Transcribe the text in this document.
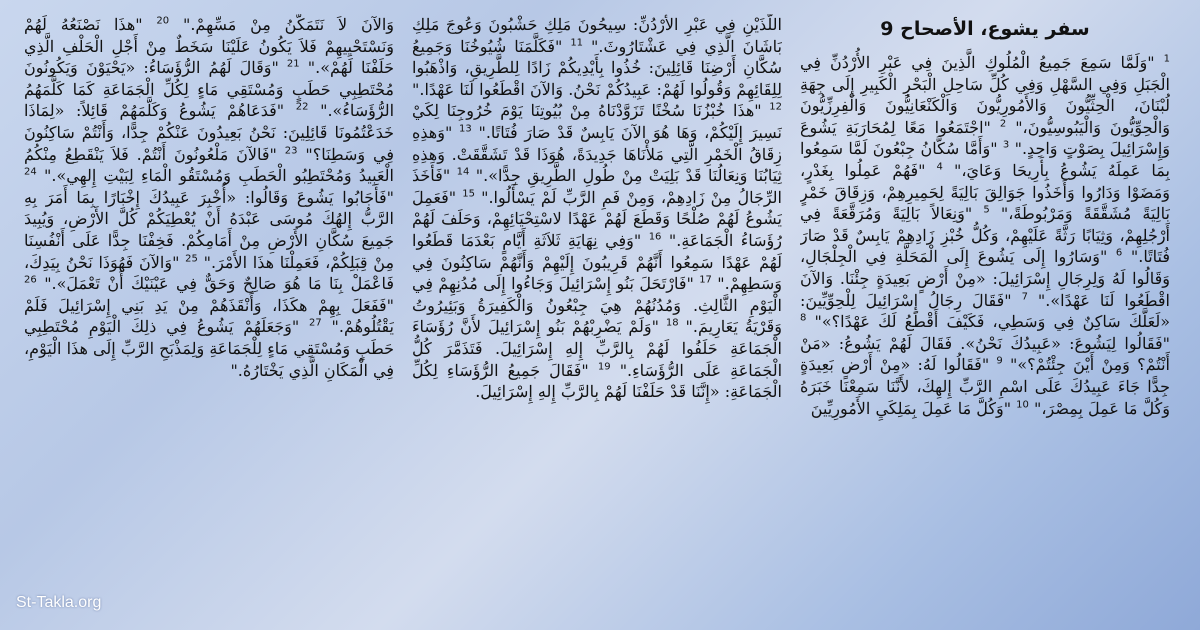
سفر يشوع، الأصحاح 9
$^1$ "وَلَمَّا سَمِعَ جَمِيعُ الْمُلُوكِ الَّذِينَ فِي عَبْرِ الأُرْدُنِّ فِي الْجَبَلِ وَفِي السَّهْلِ وَفِي كُلِّ سَاحِلِ الْبَحْرِ الْكَبِيرِ إِلَى جِهَةِ لُبْنَانَ، الْحِثِّيُّونَ وَالأَمُورِيُّونَ وَالْكَنْعَانِيُّونَ وَالْفِرِزِّيُّونَ وَالْحِوِّيُّونَ وَالْيَبُوسِيُّونَ،" $^2$ "اجْتَمَعُوا مَعًا لِمُحَارَبَةِ يَشُوعَ وَإِسْرَائِيلَ بِصَوْتٍ وَاحِدٍ." $^3$ "وَأَمَّا سُكَّانُ جِبْعُونَ لَمَّا سَمِعُوا بِمَا عَمِلَهُ يَشُوعُ بِأَرِيحَا وَعَايَ،" $^4$ "فَهُمْ عَمِلُوا بِغَدْرٍ، وَمَضَوْا وَدَارُوا وَأَخَذُوا جَوَالِقَ بَالِيَةً لِحَمِيرِهِمْ، وَزِقَاقَ خَمْرٍ بَالِيَةً مُشَقَّقَةً وَمَرْبُوطَةً،" $^5$ "وَنِعَالاً بَالِيَةً وَمُرَقَّعَةً فِي أَرْجُلِهِمْ، وَثِيَابًا رَثَّةً عَلَيْهِمْ، وَكُلُّ خُبْزِ زَادِهِمْ يَابِسٌ قَدْ صَارَ فُتَاتًا." $^6$ "وَسَارُوا إِلَى يَشُوعَ إِلَى الْمَحَلَّةِ فِي الْجِلْجَالِ، وَقَالُوا لَهُ وَلِرِجَالِ إِسْرَائِيلَ: «مِنْ أَرْضٍ بَعِيدَةٍ جِئْنَا. وَالآنَ اقْطَعُوا لَنَا عَهْدًا»." $^7$ "فَقَالَ رِجَالُ إِسْرَائِيلَ لِلْحِوِّيِّينَ: «لَعَلَّكَ سَاكِنٌ فِي وَسَطِي، فَكَيْفَ أَقْطَعُ لَكَ عَهْدًا؟»" $^8$ "فَقَالُوا لِيَشُوعَ: «عَبِيدُكَ نَحْنُ». فَقَالَ لَهُمْ يَشُوعُ: «مَنْ أَنْتُمْ؟ وَمِنْ أَيْنَ جِئْتُمْ؟»" $^9$ "فَقَالُوا لَهُ: «مِنْ أَرْضٍ بَعِيدَةٍ جِدًّا جَاءَ عَبِيدُكَ عَلَى اسْمِ الرَّبِّ إِلهِكَ، لأَنَّنَا سَمِعْنَا خَبَرَهُ وَكُلَّ مَا عَمِلَ بِمِصْرَ،" $^{10}$ "وَكُلَّ مَا عَمِلَ بِمَلِكَيِ الأَمُورِيِّينَ
اللَّذَيْنِ فِي عَبْرِ الأُرْدُنِّ: سِيحُونَ مَلِكِ حَشْبُونَ وَعُوجَ مَلِكِ بَاشَانَ الَّذِي فِي عَشْتَارُوثَ." $^{11}$ "فَكَلَّمَنَا شُيُوخُنَا وَجَمِيعُ سُكَّانِ أَرْضِنَا قَائِلِينَ: خُذُوا بِأَيْدِيكُمْ زَادًا لِلطَّرِيقِ، وَاذْهَبُوا لِلِقَائِهِمْ وَقُولُوا لَهُمْ: عَبِيدُكُمْ نَحْنُ. وَالآنَ اقْطَعُوا لَنَا عَهْدًا." $^{12}$ "هذَا خُبْزُنَا سُخْنًا تَزَوَّدْنَاهُ مِنْ بُيُوتِنَا يَوْمَ خُرُوجِنَا لِكَيْ نَسِيرَ إِلَيْكُمْ، وَهَا هُوَ الآنَ يَابِسٌ قَدْ صَارَ فُتَاتًا." $^{13}$ "وَهذِهِ زِقَاقُ الْخَمْرِ الَّتِي مَلأْنَاهَا جَدِيدَةً، هُوَذَا قَدْ تَشَقَّقَتْ. وَهذِهِ ثِيَابُنَا وَنِعَالُنَا قَدْ بَلِيَتْ مِنْ طُولِ الطَّرِيقِ جِدًّا»." $^{14}$ "فَأَخَذَ الرِّجَالُ مِنْ زَادِهِمْ، وَمِنْ فَمِ الرَّبِّ لَمْ يَسْأَلُوا." $^{15}$ "فَعَمِلَ يَشُوعُ لَهُمْ صُلْحًا وَقَطَعَ لَهُمْ عَهْدًا لاسْتِحْيَائِهِمْ، وَحَلَفَ لَهُمْ رُؤَسَاءُ الْجَمَاعَةِ." $^{16}$ "وَفِي نِهَايَةِ ثَلاَثَةِ أَيَّامٍ بَعْدَمَا قَطَعُوا لَهُمْ عَهْدًا سَمِعُوا أَنَّهُمْ قَرِيبُونَ إِلَيْهِمْ وَأَنَّهُمْ سَاكِنُونَ فِي وَسَطِهِمْ." $^{17}$ "فَارْتَحَلَ بَنُو إِسْرَائِيلَ وَجَاءُوا إِلَى مُدُنِهِمْ فِي الْيَوْمِ الثَّالِثِ. وَمُدُنُهُمْ هِيَ جِبْعُونُ وَالْكَفِيرَةُ وَبَئِيرُوتُ وَقَرْيَةُ يَعَارِيمَ." $^{18}$ "وَلَمْ يَضْرِبْهُمْ بَنُو إِسْرَائِيلَ لأَنَّ رُؤَسَاءَ الْجَمَاعَةِ حَلَفُوا لَهُمْ بِالرَّبِّ إِلهِ إِسْرَائِيلَ. فَتَذَمَّرَ كُلُّ الْجَمَاعَةِ عَلَى الرُّؤَسَاءِ." $^{19}$ "فَقَالَ جَمِيعُ الرُّؤَسَاءِ لِكُلِّ الْجَمَاعَةِ: «إِنَّنَا قَدْ حَلَفْنَا لَهُمْ بِالرَّبِّ إِلهِ إِسْرَائِيلَ.
وَالآنَ لاَ نَتَمَكَّنُ مِنْ مَسِّهِمْ." $^{20}$ "هذَا نَصْنَعُهُ لَهُمْ وَنَسْتَحْيِيهِمْ فَلاَ يَكُونُ عَلَيْنَا سَخَطٌ مِنْ أَجْلِ الْحَلْفِ الَّذِي حَلَفْنَا لَهُمْ»." $^{21}$ "وَقَالَ لَهُمُ الرُّؤَسَاءُ: «يَحْيَوْنَ وَيَكُونُونَ مُحْتَطِبِي حَطَبٍ وَمُسْتَقِي مَاءٍ لِكُلِّ الْجَمَاعَةِ كَمَا كَلَّمَهُمُ الرُّؤَسَاءُ»." $^{22}$ "فَدَعَاهُمْ يَشُوعُ وَكَلَّمَهُمْ قَائِلاً: «لِمَاذَا خَدَعْتُمُونَا قَائِلِينَ: نَحْنُ بَعِيدُونَ عَنْكُمْ جِدًّا، وَأَنْتُمْ سَاكِنُونَ فِي وَسَطِنَا؟" $^{23}$ "فَالآنَ مَلْعُونُونَ أَنْتُمْ. فَلاَ يَنْقَطِعُ مِنْكُمُ الْعَبِيدُ وَمُحْتَطِبُو الْحَطَبِ وَمُسْتَقُو الْمَاءِ لِبَيْتِ إِلهِي»." $^{24}$ "فَأَجَابُوا يَشُوعَ وَقَالُوا: «أُخْبِرَ عَبِيدُكَ إِخْبَارًا بِمَا أَمَرَ بِهِ الرَّبُّ إِلهُكَ مُوسَى عَبْدَهُ أَنْ يُعْطِيَكُمْ كُلَّ الأَرْضِ، وَيُبِيدَ جَمِيعَ سُكَّانِ الأَرْضِ مِنْ أَمَامِكُمْ. فَخِفْنَا جِدًّا عَلَى أَنْفُسِنَا مِنْ قِبَلِكُمْ، فَعَمِلْنَا هذَا الأَمْرَ." $^{25}$ "وَالآنَ فَهُوَذَا نَحْنُ بِيَدِكَ، فَاعْمَلْ بِنَا مَا هُوَ صَالِحٌ وَحَقٌّ فِي عَيْنَيْكَ أَنْ تَعْمَلَ»." $^{26}$ "فَفَعَلَ بِهِمْ هكَذَا، وَأَنْقَذَهُمْ مِنْ يَدِ بَنِي إِسْرَائِيلَ فَلَمْ يَقْتُلُوهُمْ." $^{27}$ "وَجَعَلَهُمْ يَشُوعُ فِي ذلِكَ الْيَوْمِ مُحْتَطِبِي حَطَبٍ وَمُسْتَقِي مَاءٍ لِلْجَمَاعَةِ وَلِمَذْبَحِ الرَّبِّ إِلَى هذَا الْيَوْمِ، فِي الْمَكَانِ الَّذِي يَخْتَارُهُ."
St-Takla.org
